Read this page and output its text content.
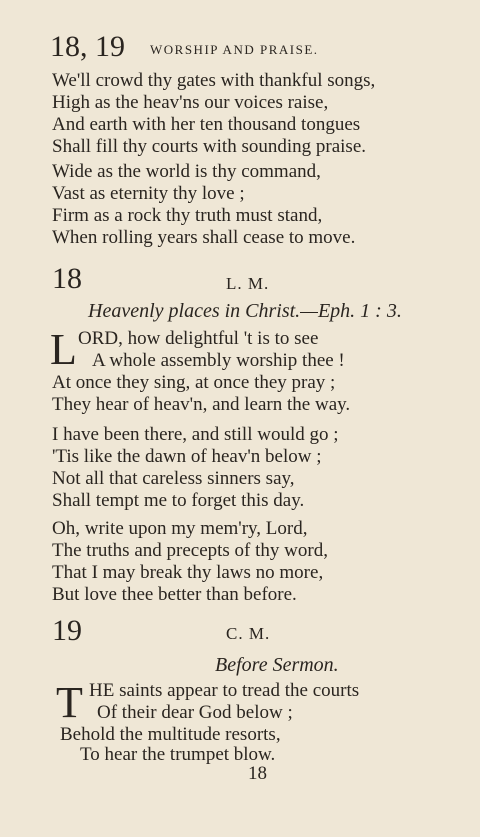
18, 19 WORSHIP AND PRAISE.
We'll crowd thy gates with thankful songs,
High as the heav'ns our voices raise,
And earth with her ten thousand tongues
Shall fill thy courts with sounding praise.
Wide as the world is thy command,
Vast as eternity thy love ;
Firm as a rock thy truth must stand,
When rolling years shall cease to move.
18	L. M.
Heavenly places in Christ.—Eph. 1 : 3.
L ORD, how delightful 't is to see
A whole assembly worship thee !
At once they sing, at once they pray ;
They hear of heav'n, and learn the way.
I have been there, and still would go ;
'Tis like the dawn of heav'n below ;
Not all that careless sinners say,
Shall tempt me to forget this day.
Oh, write upon my mem'ry, Lord,
The truths and precepts of thy word,
That I may break thy laws no more,
But love thee better than before.
19	C. M.
Before Sermon.
T HE saints appear to tread the courts
Of their dear God below ;
Behold the multitude resorts,
To hear the trumpet blow.
18
